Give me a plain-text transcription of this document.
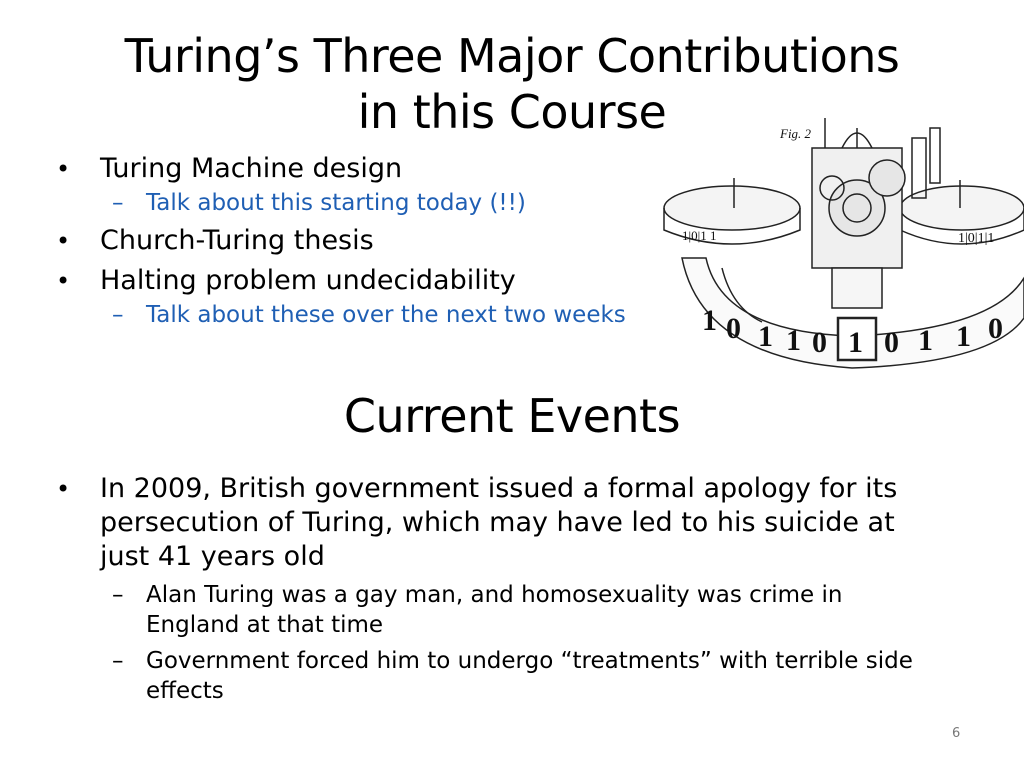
Turing’s Three Major Contributions
in this Course
• Turing Machine design
– Talk about this starting today (!!)
• Church-Turing thesis
• Halting problem undecidability
– Talk about these over the next two weeks
Fig. 2
1|0|1 1	1|0|1|1
1 0 1 1 0 1 0 1 1 0
Current Events
• In 2009, British government issued a formal apology for its persecution of Turing, which may have led to his suicide at just 41 years old
– Alan Turing was a gay man, and homosexuality was crime in England at that time
– Government forced him to undergo “treatments” with terrible side effects
6
